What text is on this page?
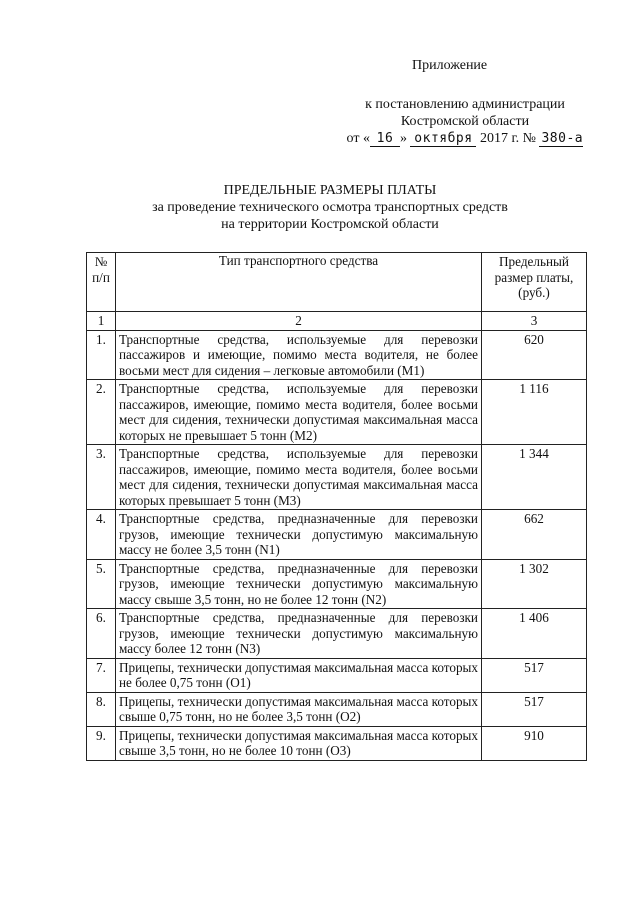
Приложение
к постановлению администрации
Костромской области
от « 16 » октября 2017 г. № 380-а
ПРЕДЕЛЬНЫЕ РАЗМЕРЫ ПЛАТЫ
за проведение технического осмотра транспортных средств
на территории Костромской области
№ п/п	Тип транспортного средства	Предельный размер платы, (руб.)
1	2	3
1.	Транспортные средства, используемые для перевозки пассажиров и имеющие, помимо места водителя, не более восьми мест для сидения – легковые автомобили (M1)	620
2.	Транспортные средства, используемые для перевозки пассажиров, имеющие, помимо места водителя, более восьми мест для сидения, технически допустимая максимальная масса которых не превышает 5 тонн (M2)	1 116
3.	Транспортные средства, используемые для перевозки пассажиров, имеющие, помимо места водителя, более восьми мест для сидения, технически допустимая максимальная масса которых превышает 5 тонн (M3)	1 344
4.	Транспортные средства, предназначенные для перевозки грузов, имеющие технически допустимую максимальную массу не более 3,5 тонн (N1)	662
5.	Транспортные средства, предназначенные для перевозки грузов, имеющие технически допустимую максимальную массу свыше 3,5 тонн, но не более 12 тонн (N2)	1 302
6.	Транспортные средства, предназначенные для перевозки грузов, имеющие технически допустимую максимальную массу более 12 тонн (N3)	1 406
7.	Прицепы, технически допустимая максимальная масса которых не более 0,75 тонн (O1)	517
8.	Прицепы, технически допустимая максимальная масса которых свыше 0,75 тонн, но не более 3,5 тонн (O2)	517
9.	Прицепы, технически допустимая максимальная масса которых свыше 3,5 тонн, но не более 10 тонн (O3)	910
